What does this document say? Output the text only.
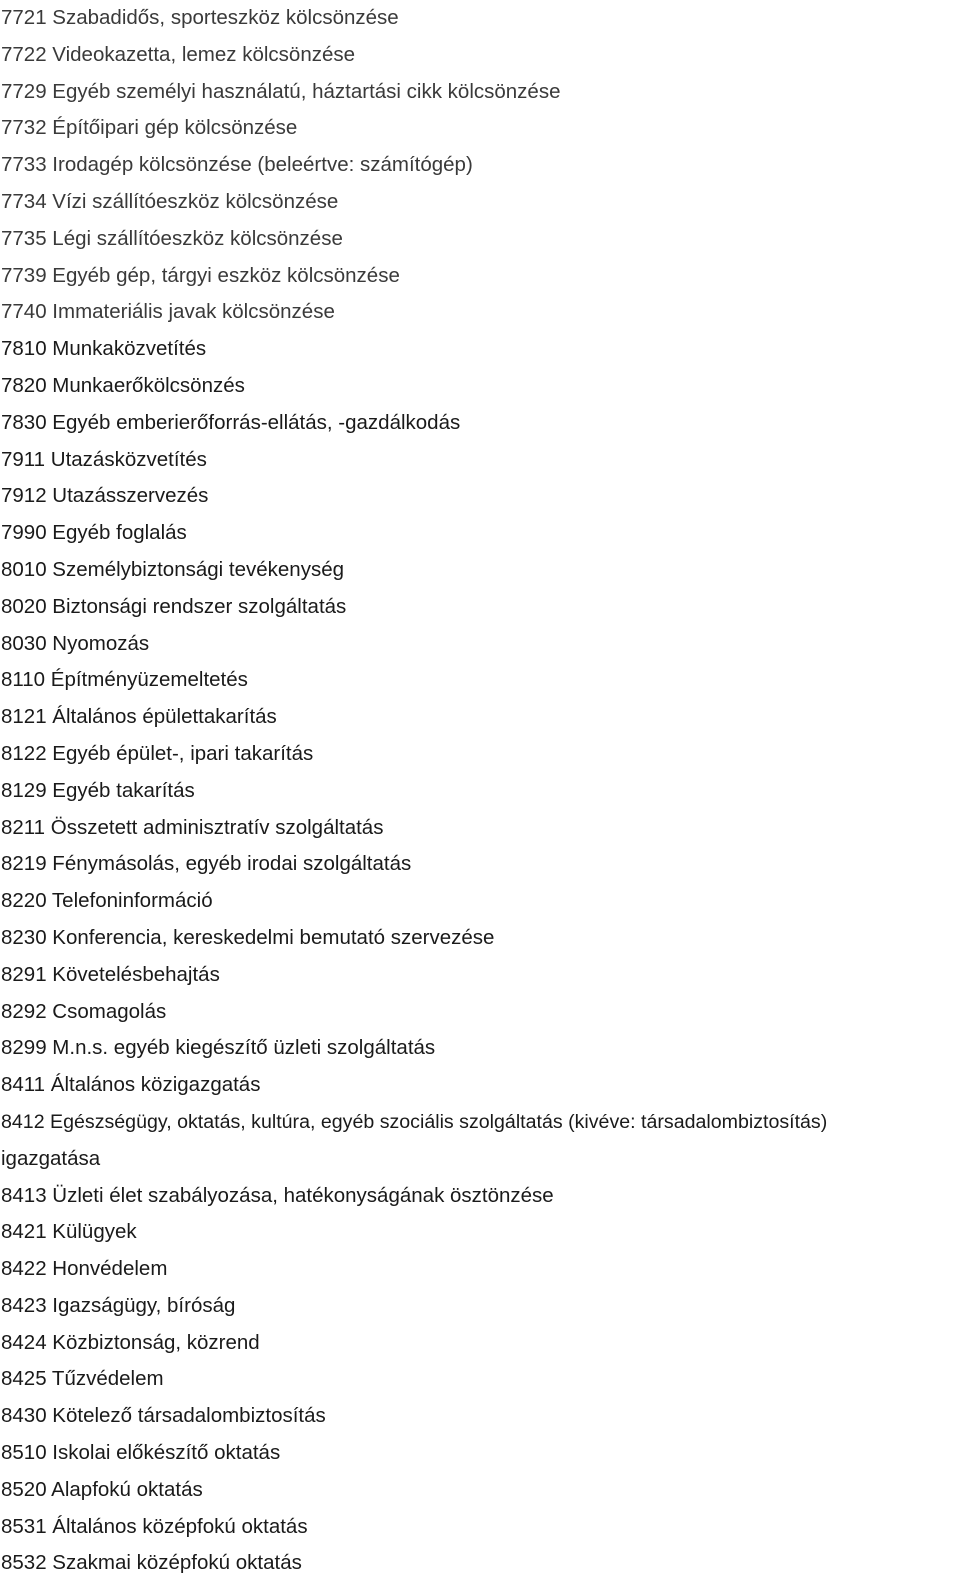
7721 Szabadidős, sporteszköz kölcsönzése

7722 Videokazetta, lemez kölcsönzése

7729 Egyéb személyi használatú, háztartási cikk kölcsönzése

7732 Építőipari gép kölcsönzése

7733 Irodagép kölcsönzése (beleértve: számítógép)

7734 Vízi szállítóeszköz kölcsönzése

7735 Légi szállítóeszköz kölcsönzése

7739 Egyéb gép, tárgyi eszköz kölcsönzése

7740 Immateriális javak kölcsönzése

7810 Munkaközvetítés

7820 Munkaerőkölcsönzés

7830 Egyéb emberierőforrás-ellátás, -gazdálkodás

7911 Utazásközvetítés

7912 Utazásszervezés

7990 Egyéb foglalás

8010 Személybiztonsági tevékenység

8020 Biztonsági rendszer szolgáltatás

8030 Nyomozás

8110 Építményüzemeltetés

8121 Általános épülettakarítás

8122 Egyéb épület-, ipari takarítás

8129 Egyéb takarítás

8211 Összetett adminisztratív szolgáltatás

8219 Fénymásolás, egyéb irodai szolgáltatás

8220 Telefoninformáció

8230 Konferencia, kereskedelmi bemutató szervezése

8291 Követelésbehajtás

8292 Csomagolás

8299 M.n.s. egyéb kiegészítő üzleti szolgáltatás

8411 Általános közigazgatás

8412 Egészségügy, oktatás, kultúra, egyéb szociális szolgáltatás (kivéve: társadalombiztosítás)

igazgatása

8413 Üzleti élet szabályozása, hatékonyságának ösztönzése

8421 Külügyek

8422 Honvédelem

8423 Igazságügy, bíróság

8424 Közbiztonság, közrend

8425 Tűzvédelem

8430 Kötelező társadalombiztosítás

8510 Iskolai előkészítő oktatás

8520 Alapfokú oktatás

8531 Általános középfokú oktatás

8532 Szakmai középfokú oktatás
